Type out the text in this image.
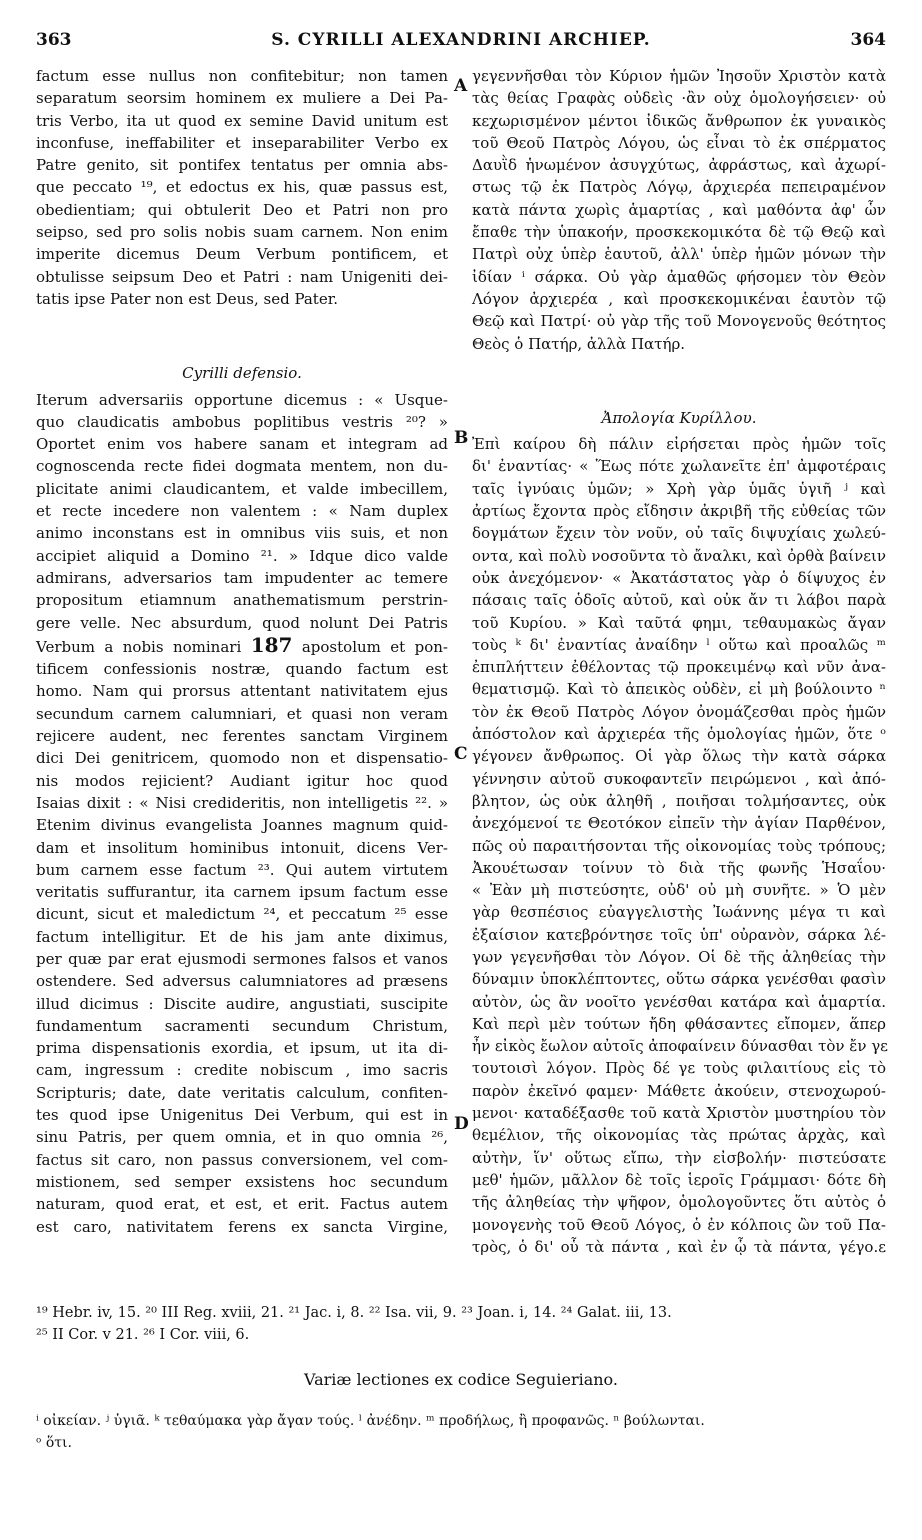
363	S. CYRILLI ALEXANDRINI ARCHIEP.	364
A
B
C
D
factum esse nullus non confitebitur; non tamen
separatum seorsim hominem ex muliere a Dei Pa-
tris Verbo, ita ut quod ex semine David unitum est
inconfuse, ineffabiliter et inseparabiliter Verbo ex
Patre genito, sit pontifex tentatus per omnia abs-
que peccato ¹⁹, et edoctus ex his, quæ passus est,
obedientiam; qui obtulerit Deo et Patri non pro
seipso, sed pro solis nobis suam carnem. Non enim
imperite dicemus Deum Verbum pontificem, et
obtulisse seipsum Deo et Patri : nam Unigeniti dei-
tatis ipse Pater non est Deus, sed Pater.

Cyrilli defensio.

Iterum adversariis opportune dicemus : « Usque-
quo claudicatis ambobus poplitibus vestris ²⁰? »
Oportet enim vos habere sanam et integram ad
cognoscenda recte fidei dogmata mentem, non du-
plicitate animi claudicantem, et valde imbecillem,
et recte incedere non valentem : « Nam duplex
animo inconstans est in omnibus viis suis, et non
accipiet aliquid a Domino ²¹. » Idque dico valde
admirans, adversarios tam impudenter ac temere
propositum etiamnum anathematismum perstrin-
gere velle. Nec absurdum, quod nolunt Dei Patris
Verbum a nobis nominari 187 apostolum et pon-
tificem confessionis nostræ, quando factum est
homo. Nam qui prorsus attentant nativitatem ejus
secundum carnem calumniari, et quasi non veram
rejicere audent, nec ferentes sanctam Virginem
dici Dei genitricem, quomodo non et dispensatio-
nis modos rejicient? Audiant igitur hoc quod
Isaias dixit : « Nisi credideritis, non intelligetis ²². »
Etenim divinus evangelista Joannes magnum quid-
dam et insolitum hominibus intonuit, dicens Ver-
bum carnem esse factum ²³. Qui autem virtutem
veritatis suffurantur, ita carnem ipsum factum esse
dicunt, sicut et maledictum ²⁴, et peccatum ²⁵ esse
factum intelligitur. Et de his jam ante diximus,
per quæ par erat ejusmodi sermones falsos et vanos
ostendere. Sed adversus calumniatores ad præsens
illud dicimus : Discite audire, angustiati, suscipite
fundamentum sacramenti secundum Christum,
prima dispensationis exordia, et ipsum, ut ita di-
cam, ingressum : credite nobiscum , imo sacris
Scripturis; date, date veritatis calculum, confiten-
tes quod ipse Unigenitus Dei Verbum, qui est in
sinu Patris, per quem omnia, et in quo omnia ²⁶,
factus sit caro, non passus conversionem, vel com-
mistionem, sed semper exsistens hoc secundum
naturam, quod erat, et est, et erit. Factus autem
est caro, nativitatem ferens ex sancta Virgine,
γεγεννῆσθαι τὸν Κύριον ἡμῶν Ἰησοῦν Χριστὸν κατὰ
τὰς θείας Γραφὰς οὐδεὶς ·ἂν οὐχ ὁμολογήσειεν· οὐ
κεχωρισμένον μέντοι ἰδικῶς ἄνθρωπον ἐκ γυναικὸς
τοῦ Θεοῦ Πατρὸς Λόγου, ὡς εἶναι τὸ ἐκ σπέρματος
Δαυῒδ ἡνωμένον ἀσυγχύτως, ἀφράστως, καὶ ἀχωρί-
στως τῷ ἐκ Πατρὸς Λόγῳ, ἀρχιερέα πεπειραμένον
κατὰ πάντα χωρὶς ἁμαρτίας , καὶ μαθόντα ἀφ' ὧν
ἔπαθε τὴν ὑπακοήν, προσκεκομικότα δὲ τῷ Θεῷ καὶ
Πατρὶ οὐχ ὑπὲρ ἑαυτοῦ, ἀλλ' ὑπὲρ ἡμῶν μόνων τὴν
ἰδίαν ⁱ σάρκα. Οὐ γὰρ ἀμαθῶς φήσομεν τὸν Θεὸν
Λόγον ἀρχιερέα , καὶ προσκεκομικέναι ἑαυτὸν τῷ
Θεῷ καὶ Πατρί· οὐ γὰρ τῆς τοῦ Μονογενοῦς θεότητος
Θεὸς ὁ Πατήρ, ἀλλὰ Πατήρ.

Ἀπολογία Κυρίλλου.

Ἐπὶ καίρου δὴ πάλιν εἰρήσεται πρὸς ἡμῶν τοῖς
δι' ἐναντίας· « Ἕως πότε χωλανεῖτε ἐπ' ἀμφοτέραις
ταῖς ἰγνύαις ὑμῶν; » Χρὴ γὰρ ὑμᾶς ὑγιῆ ʲ καὶ
ἀρτίως ἔχοντα πρὸς εἴδησιν ἀκριβῆ τῆς εὐθείας τῶν
δογμάτων ἔχειν τὸν νοῦν, οὐ ταῖς διψυχίαις χωλεύ-
οντα, καὶ πολὺ νοσοῦντα τὸ ἄναλκι, καὶ ὀρθὰ βαίνειν
οὐκ ἀνεχόμενον· « Ἀκατάστατος γὰρ ὁ δίψυχος ἐν
πάσαις ταῖς ὁδοῖς αὐτοῦ, καὶ οὐκ ἄν τι λάβοι παρὰ
τοῦ Κυρίου. » Καὶ ταῦτά φημι, τεθαυμακὼς ἄγαν
τοὺς ᵏ δι' ἐναντίας ἀναίδην ˡ οὕτω καὶ προαλῶς ᵐ
ἐπιπλήττειν ἐθέλοντας τῷ προκειμένῳ καὶ νῦν ἀνα-
θεματισμῷ. Καὶ τὸ ἀπεικὸς οὐδὲν, εἰ μὴ βούλοιντο ⁿ
τὸν ἐκ Θεοῦ Πατρὸς Λόγον ὀνομάζεσθαι πρὸς ἡμῶν
ἀπόστολον καὶ ἀρχιερέα τῆς ὁμολογίας ἡμῶν, ὅτε ᵒ
γέγονεν ἄνθρωπος. Οἱ γὰρ ὅλως τὴν κατὰ σάρκα
γέννησιν αὐτοῦ συκοφαντεῖν πειρώμενοι , καὶ ἀπό-
βλητον, ὡς οὐκ ἀληθῆ , ποιῆσαι τολμήσαντες, οὐκ
ἀνεχόμενοί τε Θεοτόκον εἰπεῖν τὴν ἁγίαν Παρθένον,
πῶς οὐ παραιτήσονται τῆς οἰκονομίας τοὺς τρόπους;
Ἀκουέτωσαν τοίνυν τὸ διὰ τῆς φωνῆς Ἡσαΐου·
« Ἐὰν μὴ πιστεύσητε, οὐδ' οὐ μὴ συνῆτε. » Ὁ μὲν
γὰρ θεσπέσιος εὐαγγελιστὴς Ἰωάννης μέγα τι καὶ
ἐξαίσιον κατεβρόντησε τοῖς ὑπ' οὐρανὸν, σάρκα λέ-
γων γεγενῆσθαι τὸν Λόγον. Οἱ δὲ τῆς ἀληθείας τὴν
δύναμιν ὑποκλέπτοντες, οὕτω σάρκα γενέσθαι φασὶν
αὐτὸν, ὡς ἂν νοοῖτο γενέσθαι κατάρα καὶ ἁμαρτία.
Καὶ περὶ μὲν τούτων ἤδη φθάσαντες εἴπομεν, ἅπερ
ἦν εἰκὸς ἔωλον αὐτοῖς ἀποφαίνειν δύνασθαι τὸν ἔν γε
τουτοισὶ λόγον. Πρὸς δέ γε τοὺς φιλαιτίους εἰς τὸ
παρὸν ἐκεῖνό φαμεν· Μάθετε ἀκούειν, στενοχωρού-
μενοι· καταδέξασθε τοῦ κατὰ Χριστὸν μυστηρίου τὸν
θεμέλιον, τῆς οἰκονομίας τὰς πρώτας ἀρχὰς, καὶ
αὐτὴν, ἵν' οὕτως εἴπω, τὴν εἰσβολήν· πιστεύσατε
μεθ' ἡμῶν, μᾶλλον δὲ τοῖς ἱεροῖς Γράμμασι· δότε δὴ
τῆς ἀληθείας τὴν ψῆφον, ὁμολογοῦντες ὅτι αὐτὸς ὁ
μονογενὴς τοῦ Θεοῦ Λόγος, ὁ ἐν κόλποις ὢν τοῦ Πα-
τρὸς, ὁ δι' οὗ τὰ πάντα , καὶ ἐν ᾧ τὰ πάντα, γέγο.ε
¹⁹ Hebr. iv, 15. ²⁰ III Reg. xviii, 21. ²¹ Jac. i, 8. ²² Isa. vii, 9. ²³ Joan. i, 14. ²⁴ Galat. iii, 13.
²⁵ II Cor. v 21. ²⁶ I Cor. viii, 6.
Variæ lectiones ex codice Seguieriano.
ⁱ οἰκείαν. ʲ ὑγιᾶ. ᵏ τεθαύμακα γὰρ ἄγαν τούς. ˡ ἀνέδην. ᵐ προδήλως, ἢ προφανῶς. ⁿ βούλωνται.
ᵒ ὅτι.
